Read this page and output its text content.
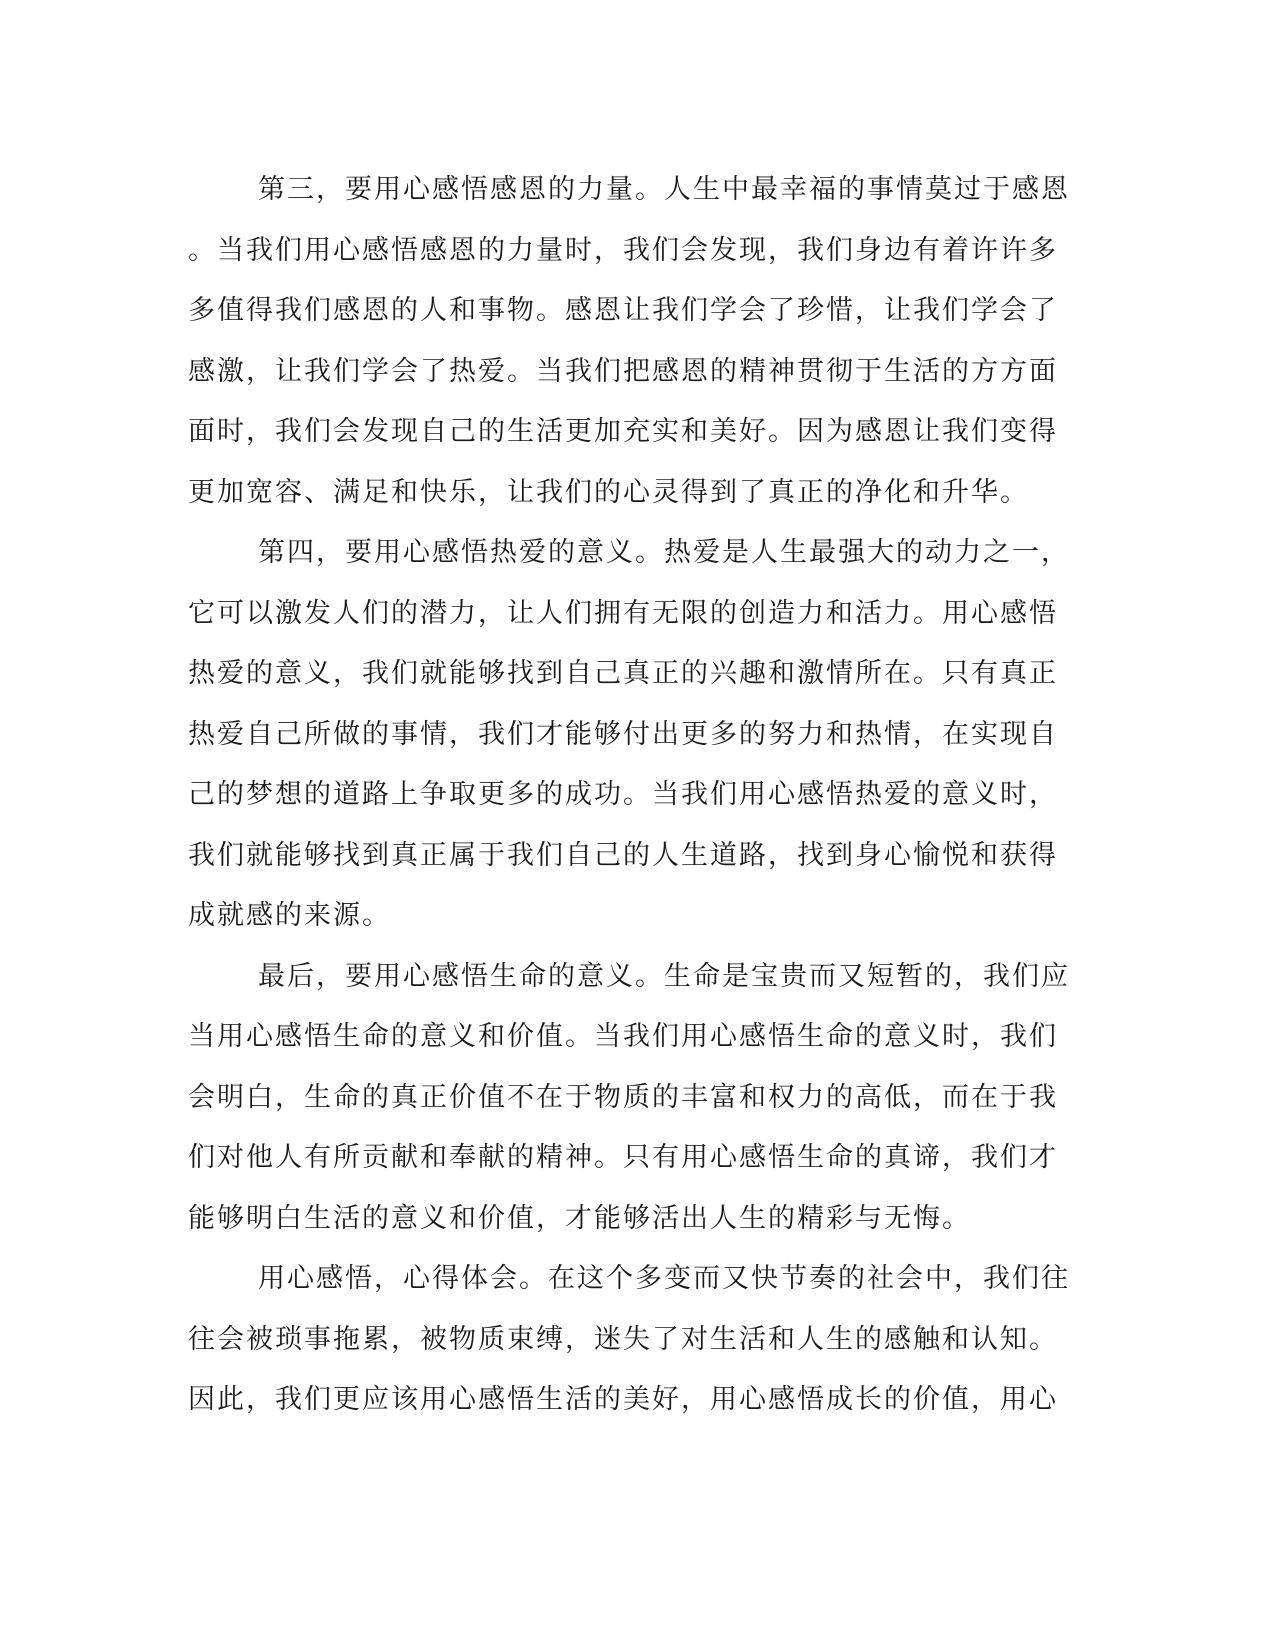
第三，要用心感悟感恩的力量。人生中最幸福的事情莫过于感恩
。当我们用心感悟感恩的力量时，我们会发现，我们身边有着许许多
多值得我们感恩的人和事物。感恩让我们学会了珍惜，让我们学会了
感激，让我们学会了热爱。当我们把感恩的精神贯彻于生活的方方面
面时，我们会发现自己的生活更加充实和美好。因为感恩让我们变得
更加宽容、满足和快乐，让我们的心灵得到了真正的净化和升华。
第四，要用心感悟热爱的意义。热爱是人生最强大的动力之一，
它可以激发人们的潜力，让人们拥有无限的创造力和活力。用心感悟
热爱的意义，我们就能够找到自己真正的兴趣和激情所在。只有真正
热爱自己所做的事情，我们才能够付出更多的努力和热情，在实现自
己的梦想的道路上争取更多的成功。当我们用心感悟热爱的意义时，
我们就能够找到真正属于我们自己的人生道路，找到身心愉悦和获得
成就感的来源。
最后，要用心感悟生命的意义。生命是宝贵而又短暂的，我们应
当用心感悟生命的意义和价值。当我们用心感悟生命的意义时，我们
会明白，生命的真正价值不在于物质的丰富和权力的高低，而在于我
们对他人有所贡献和奉献的精神。只有用心感悟生命的真谛，我们才
能够明白生活的意义和价值，才能够活出人生的精彩与无悔。
用心感悟，心得体会。在这个多变而又快节奏的社会中，我们往
往会被琐事拖累，被物质束缚，迷失了对生活和人生的感触和认知。
因此，我们更应该用心感悟生活的美好，用心感悟成长的价值，用心
